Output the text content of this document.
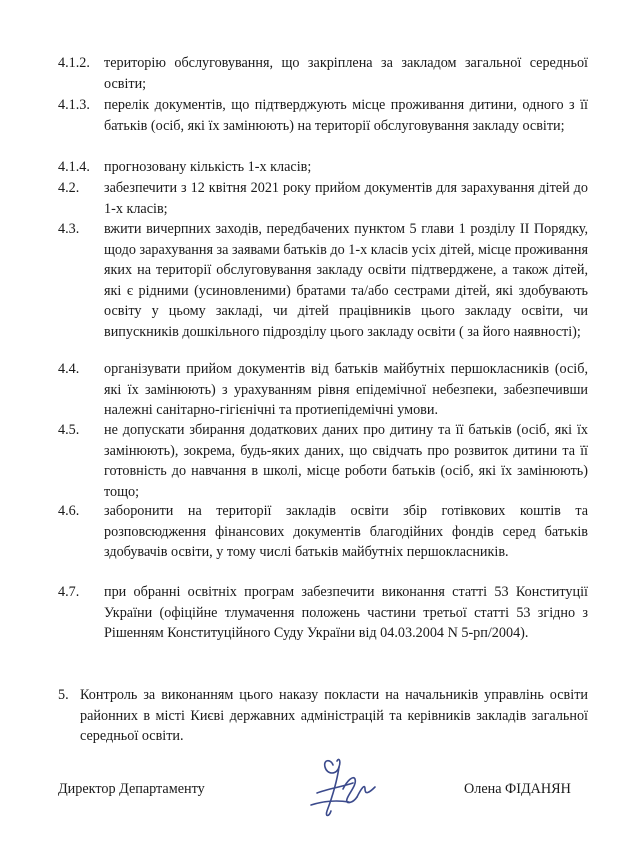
4.1.2. територію обслуговування, що закріплена за закладом загальної середньої освіти;
4.1.3. перелік документів, що підтверджують місце проживання дитини, одного з її батьків (осіб, які їх замінюють) на території обслуговування закладу освіти;
4.1.4. прогнозовану кількість 1-х класів;
4.2. забезпечити з 12 квітня 2021 року прийом документів для зарахування дітей до 1-х класів;
4.3. вжити вичерпних заходів, передбачених пунктом 5 глави 1 розділу ІІ Порядку, щодо зарахування за заявами батьків до 1-х класів усіх дітей, місце проживання яких на території обслуговування закладу освіти підтверджене, а також дітей, які є рідними (усиновленими) братами та/або сестрами дітей, які здобувають освіту у цьому закладі, чи дітей працівників цього закладу освіти, чи випускників дошкільного підрозділу цього закладу освіти ( за його наявності);
4.4. організувати прийом документів від батьків майбутніх першокласників (осіб, які їх замінюють) з урахуванням рівня епідемічної небезпеки, забезпечивши належні санітарно-гігієнічні та протиепідемічні умови.
4.5. не допускати збирання додаткових даних про дитину та її батьків (осіб, які їх замінюють), зокрема, будь-яких даних, що свідчать про розвиток дитини та її готовність до навчання в школі, місце роботи батьків (осіб, які їх замінюють) тощо;
4.6. заборонити на території закладів освіти збір готівкових коштів та розповсюдження фінансових документів благодійних фондів серед батьків здобувачів освіти, у тому числі батьків майбутніх першокласників.
4.7. при обранні освітніх програм забезпечити виконання статті 53 Конституції України (офіційне тлумачення положень частини третьої статті 53 згідно з Рішенням Конституційного Суду України від 04.03.2004 N 5-рп/2004).
5. Контроль за виконанням цього наказу покласти на начальників управлінь освіти районних в місті Києві державних адміністрацій та керівників закладів загальної середньої освіти.
Директор Департаменту	Олена ФІДАНЯН
